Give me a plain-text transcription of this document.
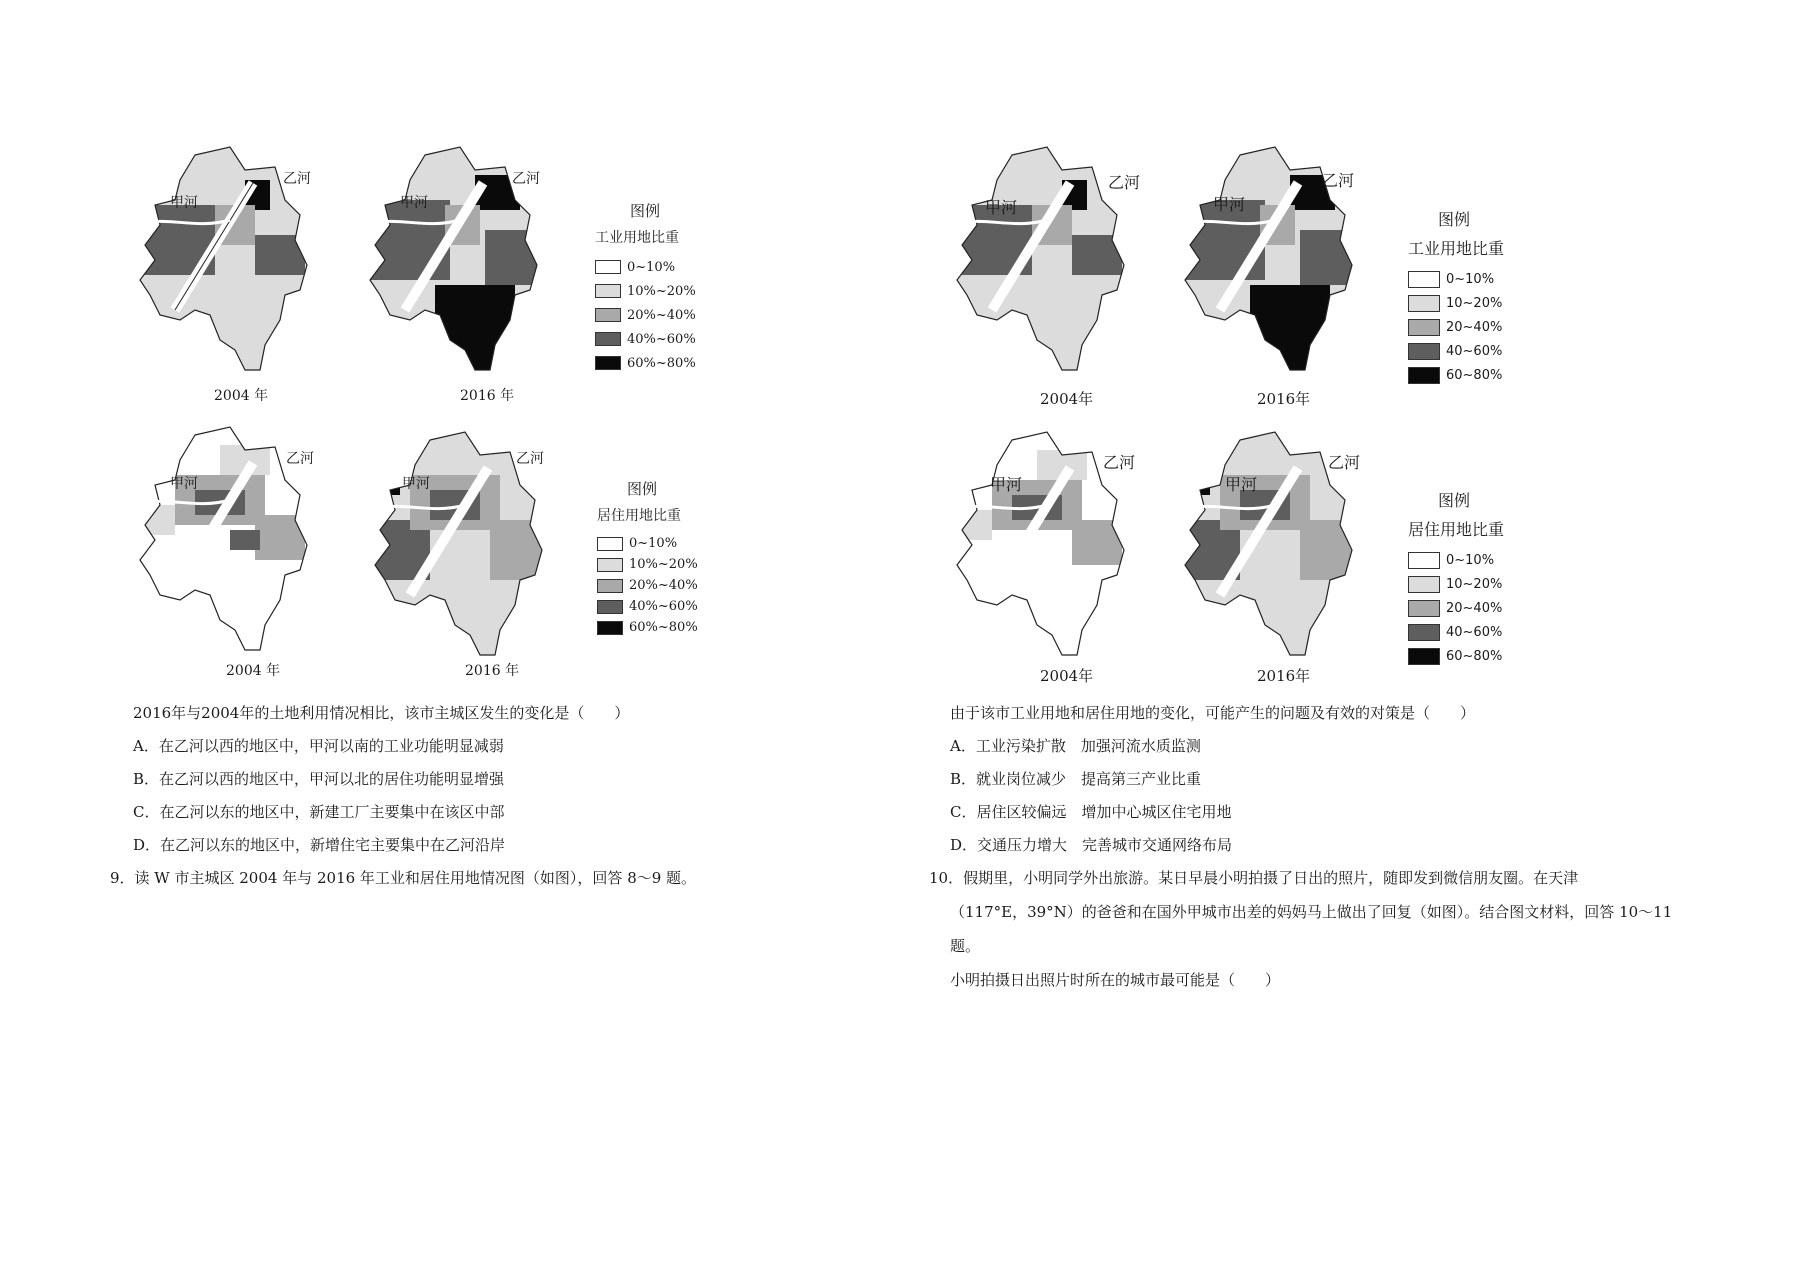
甲河
乙河
2004 年
甲河
乙河
2016 年
图例
工业用地比重
0~10%
10%~20%
20%~40%
40%~60%
60%~80%
甲河
乙河
2004 年
甲河
乙河
2016 年
图例
居住用地比重
0~10%
10%~20%
20%~40%
40%~60%
60%~80%
2016年与2004年的土地利用情况相比，该市主城区发生的变化是（　　）
A．在乙河以西的地区中，甲河以南的工业功能明显减弱
B．在乙河以西的地区中，甲河以北的居住功能明显增强
C．在乙河以东的地区中，新建工厂主要集中在该区中部
D．在乙河以东的地区中，新增住宅主要集中在乙河沿岸
9．读 W 市主城区 2004 年与 2016 年工业和居住用地情况图（如图），回答 8～9 题。
甲河
乙河
2004年
甲河
乙河
2016年
图例
工业用地比重
0~10%
10~20%
20~40%
40~60%
60~80%
甲河
乙河
2004年
甲河
乙河
2016年
图例
居住用地比重
0~10%
10~20%
20~40%
40~60%
60~80%
由于该市工业用地和居住用地的变化，可能产生的问题及有效的对策是（　　）
A．工业污染扩散　加强河流水质监测
B．就业岗位减少　提高第三产业比重
C．居住区较偏远　增加中心城区住宅用地
D．交通压力增大　完善城市交通网络布局
10．假期里，小明同学外出旅游。某日早晨小明拍摄了日出的照片，随即发到微信朋友圈。在天津
（117°E，39°N）的爸爸和在国外甲城市出差的妈妈马上做出了回复（如图）。结合图文材料，回答 10～11
题。
小明拍摄日出照片时所在的城市最可能是（　　）
